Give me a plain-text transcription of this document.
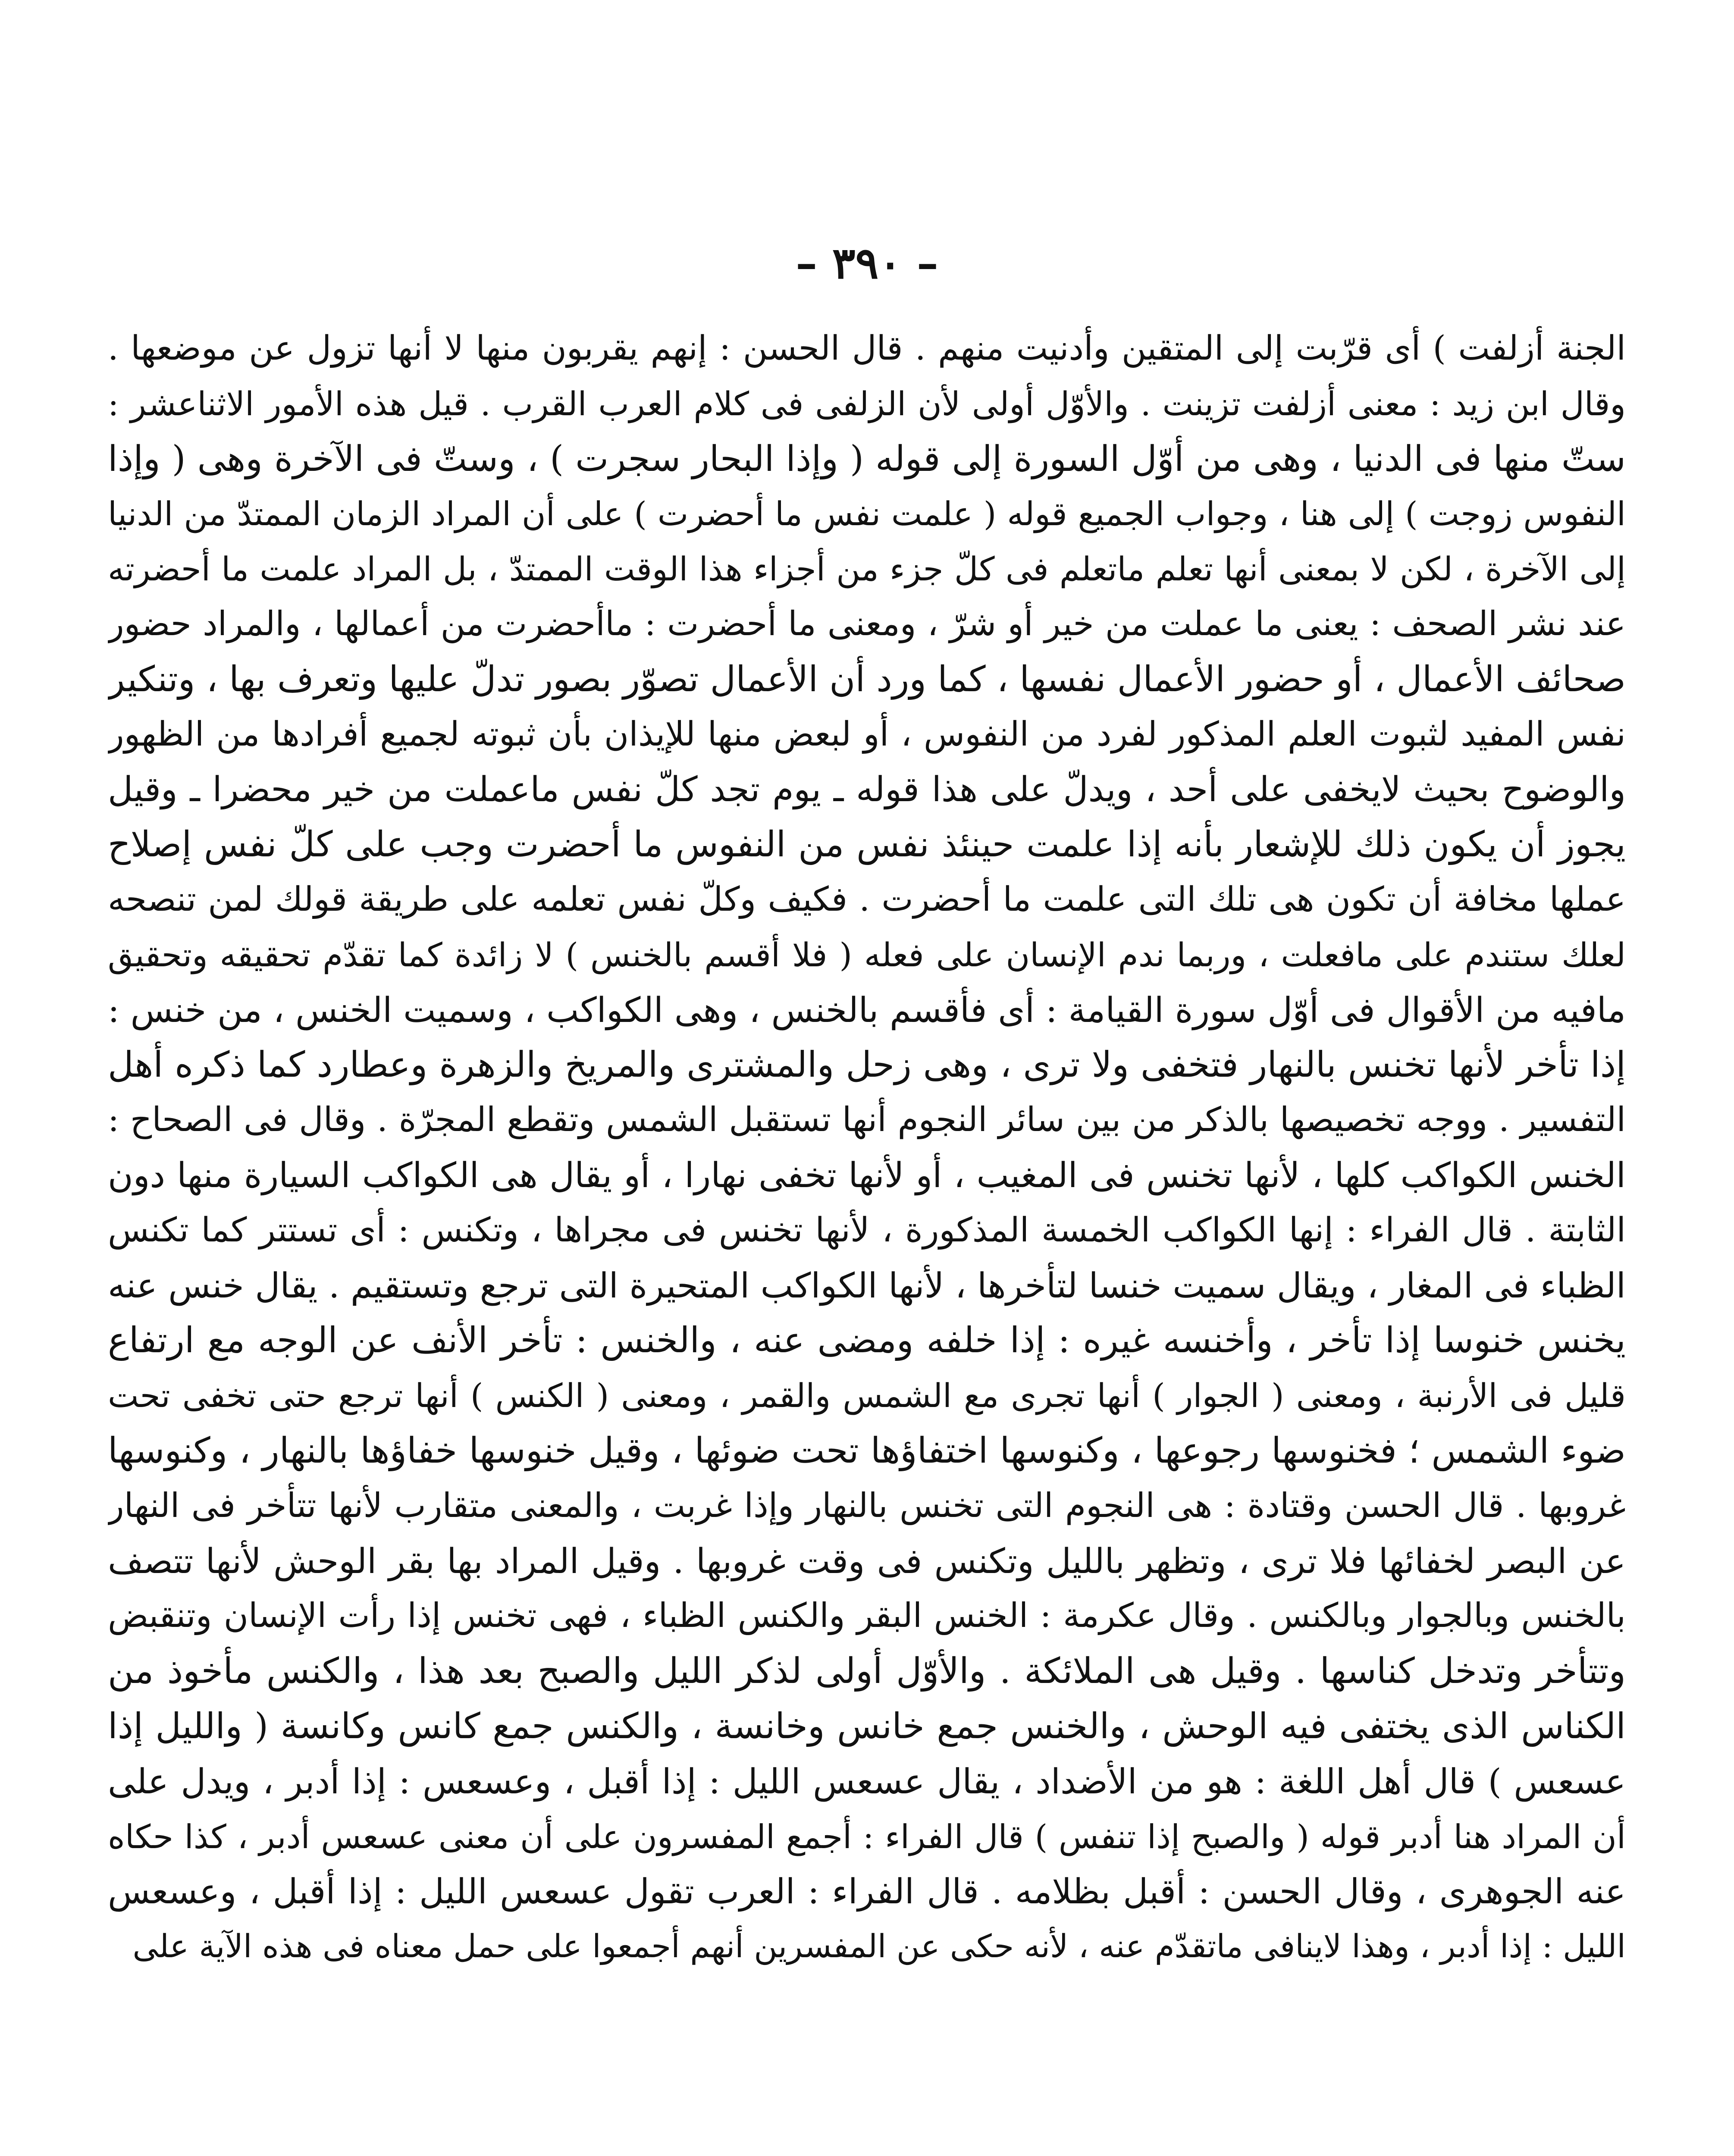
– ٣٩٠ –
الجنة أزلفت ) أى قرّبت إلى المتقين وأدنيت منهم . قال الحسن : إنهم يقربون منها لا أنها تزول عن موضعها .
وقال ابن زيد : معنى أزلفت تزينت . والأوّل أولى لأن الزلفى فى كلام العرب القرب . قيل هذه الأمور الاثناعشر :
ستّ منها فى الدنيا ، وهى من أوّل السورة إلى قوله ( وإذا البحار سجرت ) ، وستّ فى الآخرة وهى ( وإذا
النفوس زوجت ) إلى هنا ، وجواب الجميع قوله ( علمت نفس ما أحضرت ) على أن المراد الزمان الممتدّ من الدنيا
إلى الآخرة ، لكن لا بمعنى أنها تعلم ماتعلم فى كلّ جزء من أجزاء هذا الوقت الممتدّ ، بل المراد علمت ما أحضرته
عند نشر الصحف : يعنى ما عملت من خير أو شرّ ، ومعنى ما أحضرت : ماأحضرت من أعمالها ، والمراد حضور
صحائف الأعمال ، أو حضور الأعمال نفسها ، كما ورد أن الأعمال تصوّر بصور تدلّ عليها وتعرف بها ، وتنكير
نفس المفيد لثبوت العلم المذكور لفرد من النفوس ، أو لبعض منها للإيذان بأن ثبوته لجميع أفرادها من الظهور
والوضوح بحيث لايخفى على أحد ، ويدلّ على هذا قوله ـ يوم تجد كلّ نفس ماعملت من خير محضرا ـ وقيل
يجوز أن يكون ذلك للإشعار بأنه إذا علمت حينئذ نفس من النفوس ما أحضرت وجب على كلّ نفس إصلاح
عملها مخافة أن تكون هى تلك التى علمت ما أحضرت . فكيف وكلّ نفس تعلمه على طريقة قولك لمن تنصحه
لعلك ستندم على مافعلت ، وربما ندم الإنسان على فعله ( فلا أقسم بالخنس ) لا زائدة كما تقدّم تحقيقه وتحقيق
مافيه من الأقوال فى أوّل سورة القيامة : أى فأقسم بالخنس ، وهى الكواكب ، وسميت الخنس ، من خنس :
إذا تأخر لأنها تخنس بالنهار فتخفى ولا ترى ، وهى زحل والمشترى والمريخ والزهرة وعطارد كما ذكره أهل
التفسير . ووجه تخصيصها بالذكر من بين سائر النجوم أنها تستقبل الشمس وتقطع المجرّة . وقال فى الصحاح :
الخنس الكواكب كلها ، لأنها تخنس فى المغيب ، أو لأنها تخفى نهارا ، أو يقال هى الكواكب السيارة منها دون
الثابتة . قال الفراء : إنها الكواكب الخمسة المذكورة ، لأنها تخنس فى مجراها ، وتكنس : أى تستتر كما تكنس
الظباء فى المغار ، ويقال سميت خنسا لتأخرها ، لأنها الكواكب المتحيرة التى ترجع وتستقيم . يقال خنس عنه
يخنس خنوسا إذا تأخر ، وأخنسه غيره : إذا خلفه ومضى عنه ، والخنس : تأخر الأنف عن الوجه مع ارتفاع
قليل فى الأرنبة ، ومعنى ( الجوار ) أنها تجرى مع الشمس والقمر ، ومعنى ( الكنس ) أنها ترجع حتى تخفى تحت
ضوء الشمس ؛ فخنوسها رجوعها ، وكنوسها اختفاؤها تحت ضوئها ، وقيل خنوسها خفاؤها بالنهار ، وكنوسها
غروبها . قال الحسن وقتادة : هى النجوم التى تخنس بالنهار وإذا غربت ، والمعنى متقارب لأنها تتأخر فى النهار
عن البصر لخفائها فلا ترى ، وتظهر بالليل وتكنس فى وقت غروبها . وقيل المراد بها بقر الوحش لأنها تتصف
بالخنس وبالجوار وبالكنس . وقال عكرمة : الخنس البقر والكنس الظباء ، فهى تخنس إذا رأت الإنسان وتنقبض
وتتأخر وتدخل كناسها . وقيل هى الملائكة . والأوّل أولى لذكر الليل والصبح بعد هذا ، والكنس مأخوذ من
الكناس الذى يختفى فيه الوحش ، والخنس جمع خانس وخانسة ، والكنس جمع كانس وكانسة ( والليل إذا
عسعس ) قال أهل اللغة : هو من الأضداد ، يقال عسعس الليل : إذا أقبل ، وعسعس : إذا أدبر ، ويدل على
أن المراد هنا أدبر قوله ( والصبح إذا تنفس ) قال الفراء : أجمع المفسرون على أن معنى عسعس أدبر ، كذا حكاه
عنه الجوهرى ، وقال الحسن : أقبل بظلامه . قال الفراء : العرب تقول عسعس الليل : إذا أقبل ، وعسعس
الليل : إذا أدبر ، وهذا لاينافى ماتقدّم عنه ، لأنه حكى عن المفسرين أنهم أجمعوا على حمل معناه فى هذه الآية على
